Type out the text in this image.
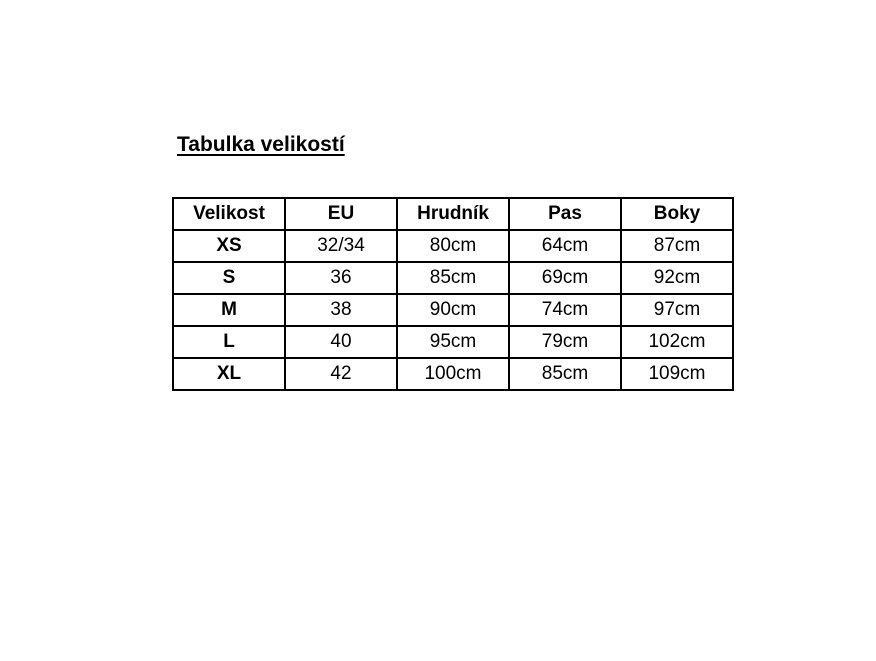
Tabulka velikostí
Velikost	EU	Hrudník	Pas	Boky
XS	32/34	80cm	64cm	87cm
S	36	85cm	69cm	92cm
M	38	90cm	74cm	97cm
L	40	95cm	79cm	102cm
XL	42	100cm	85cm	109cm
